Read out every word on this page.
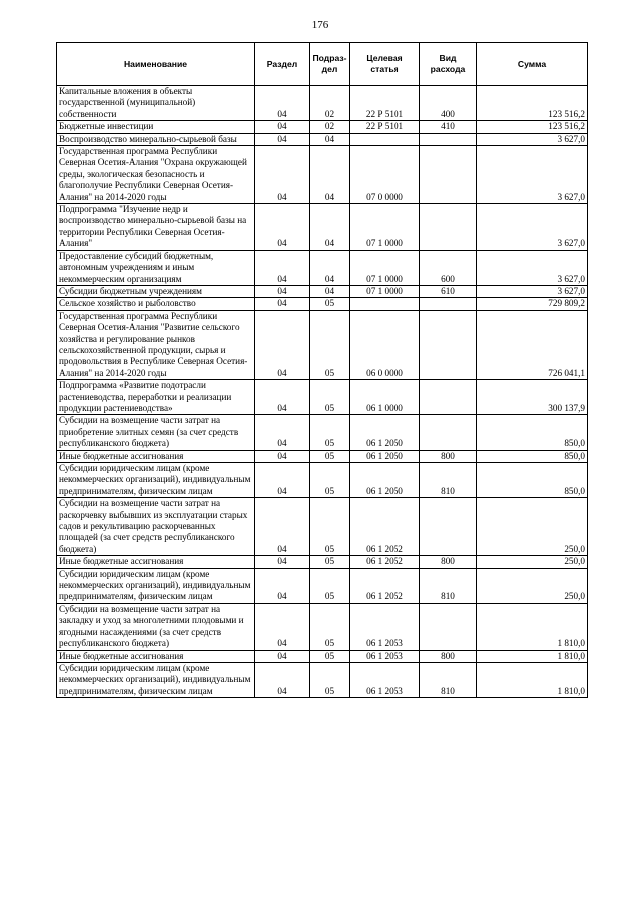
176
Наименование	Раздел	Подраз-дел	Целевая статья	Вид расхода	Сумма
Капитальные вложения в объекты государственной (муниципальной) собственности	04	02	22 Р 5101	400	123 516,2
Бюджетные инвестиции	04	02	22 Р 5101	410	123 516,2
Воспроизводство минерально-сырьевой базы	04	04			3 627,0
Государственная программа Республики Северная Осетия-Алания "Охрана окружающей среды, экологическая безопасность и благополучие Республики Северная Осетия-Алания" на 2014-2020 годы	04	04	07 0 0000		3 627,0
Подпрограмма "Изучение недр и воспроизводство минерально-сырьевой базы на территории Республики Северная Осетия-Алания"	04	04	07 1 0000		3 627,0
Предоставление субсидий бюджетным, автономным учреждениям и иным некоммерческим организациям	04	04	07 1 0000	600	3 627,0
Субсидии бюджетным учреждениям	04	04	07 1 0000	610	3 627,0
Сельское хозяйство и рыболовство	04	05			729 809,2
Государственная программа Республики Северная Осетия-Алания "Развитие сельского хозяйства и регулирование рынков сельскохозяйственной продукции, сырья и продовольствия в Республике Северная Осетия-Алания" на 2014-2020 годы	04	05	06 0 0000		726 041,1
Подпрограмма «Развитие подотрасли растениеводства, переработки и реализации продукции растениеводства»	04	05	06 1 0000		300 137,9
Субсидии на возмещение части затрат на приобретение элитных семян (за счет средств республиканского бюджета)	04	05	06 1 2050		850,0
Иные бюджетные ассигнования	04	05	06 1 2050	800	850,0
Субсидии юридическим лицам (кроме некоммерческих организаций), индивидуальным предпринимателям, физическим лицам	04	05	06 1 2050	810	850,0
Субсидии на возмещение части затрат на раскорчевку выбывших из эксплуатации старых садов и рекультивацию раскорчеванных площадей (за счет средств республиканского бюджета)	04	05	06 1 2052		250,0
Иные бюджетные ассигнования	04	05	06 1 2052	800	250,0
Субсидии юридическим лицам (кроме некоммерческих организаций), индивидуальным предпринимателям, физическим лицам	04	05	06 1 2052	810	250,0
Субсидии на возмещение части затрат на закладку и уход за многолетними плодовыми и ягодными насаждениями (за счет средств республиканского бюджета)	04	05	06 1 2053		1 810,0
Иные бюджетные ассигнования	04	05	06 1 2053	800	1 810,0
Субсидии юридическим лицам (кроме некоммерческих организаций), индивидуальным предпринимателям, физическим лицам	04	05	06 1 2053	810	1 810,0
